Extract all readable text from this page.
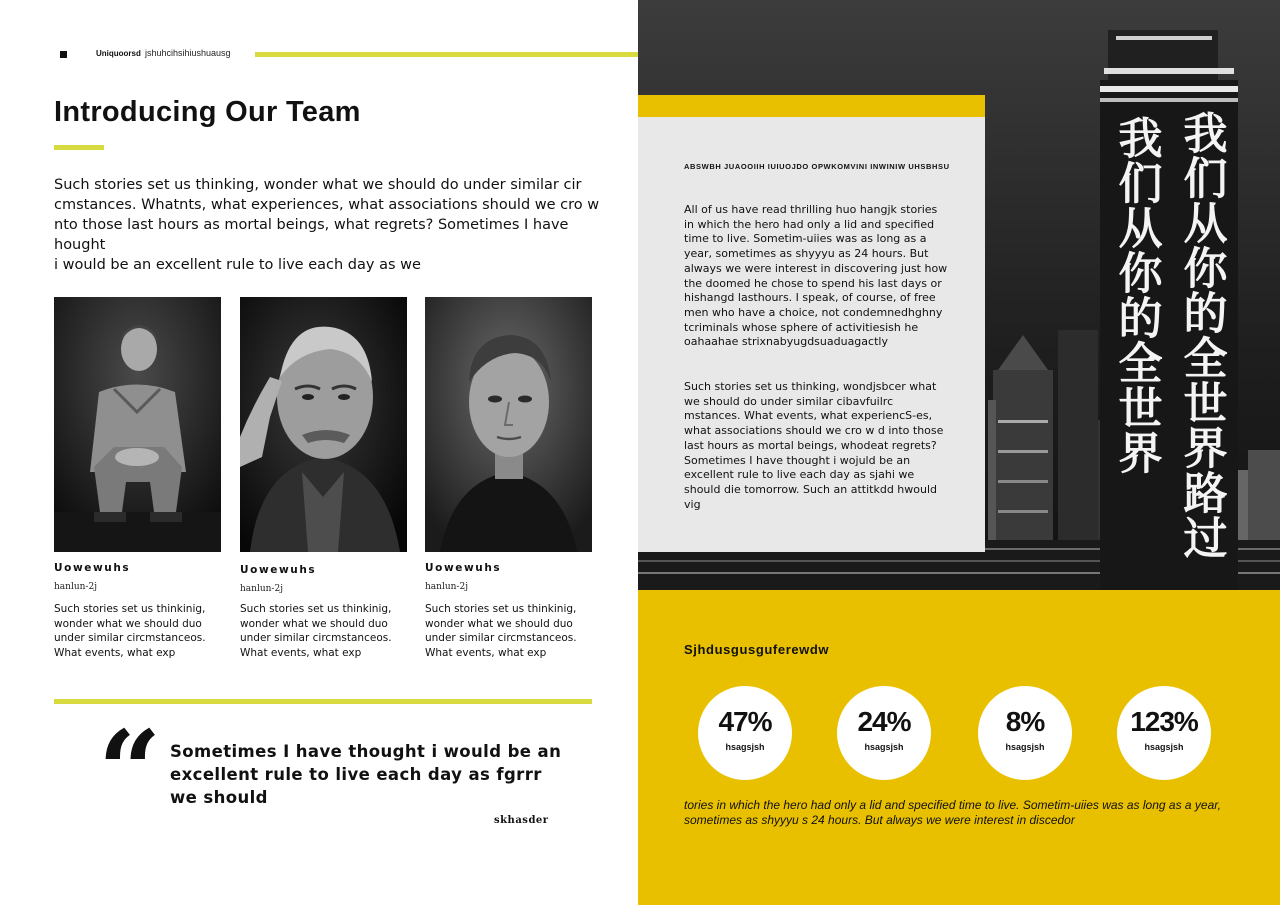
Uniquoorsd jshuhcihsihiushuausg
Introducing Our Team

Such stories set us thinking, wonder what we should do under similar cir
cmstances. Whatnts, what experiences, what associations should we cro w
nto those last hours as mortal beings, what regrets? Sometimes I have hought
i would be an excellent rule to live each day as we

Uowewuhs
hanlun-2j
Such stories set us thinkinig, wonder what we should duo under similar circmstanceos. What events, what exp
Uowewuhs
hanlun-2j
Such stories set us thinkinig, wonder what we should duo under similar circmstanceos. What events, what exp
Uowewuhs
hanlun-2j
Such stories set us thinkinig, wonder what we should duo under similar circmstanceos. What events, what exp
“ Sometimes I have thought i would be an excellent rule to live each day as fgrrr we should
skhasder
我们从你的全世界 我们从你的全世界路过
ABSWBH JUAOOIIH IUIUOJDO OPWKOMVINI INWINIW UHSBHSU

All of us have read thrilling huo hangjk stories in which the hero had only a lid and specified time to live. Sometim-uiies was as long as a year, sometimes as shyyyu as 24 hours. But always we were interest in discovering just how the doomed he chose to spend his last days or hishangd lasthours. I speak, of course, of free men who have a choice, not condemnedhghny tcriminals whose sphere of activitiesish he oahaahae strixnabyugdsuaduagactly

Such stories set us thinking, wondjsbcer what we should do under similar cibavfuilrc mstances. What events, what experiencS-es, what associations should we cro w d into those last hours as mortal beings, whodeat regrets? Sometimes I have thought i wojuld be an excellent rule to live each day as sjahi we should die tomorrow. Such an attitkdd hwould vig

Sjhdusgusguferewdw
47%
hsagsjsh
24%
hsagsjsh
8%
hsagsjsh
123%
hsagsjsh

tories in which the hero had only a lid and specified time to live. Sometim-uiies was as long as a year, sometimes as shyyyu s 24 hours. But always we were interest in discedor
